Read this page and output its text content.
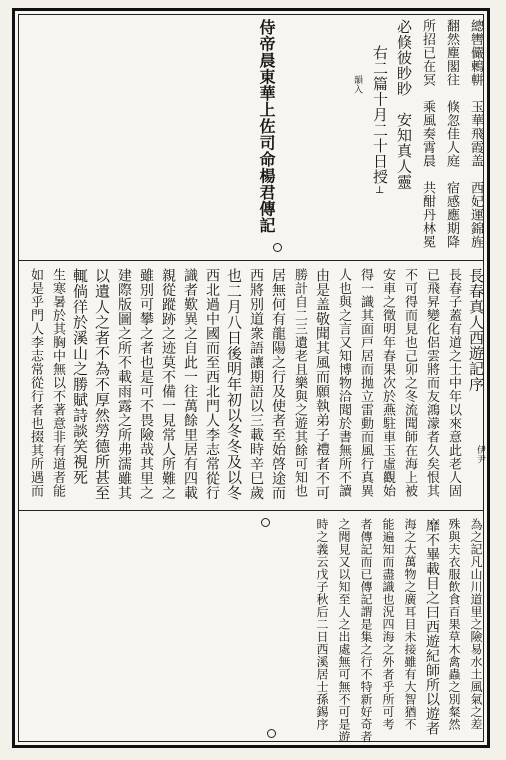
總轡儼鶫軿　玉華飛霞盖　西妃運錦旌
翻然塵閣往　倏忽佳人庭　宿感應期降
所招已在冥　乘風奏霄晨　共酣丹林冕
必倏彼眇眇　安知真人靈
右二篇十月二十日授
韻入
⊥
侍帝晨東華上佐司命楊君傳記
長春真人西遊記序
伊尹
長春子蓋有道之士中年以來意此老人固
已飛昇變化侶雲將而友鴻濛者久矣恨其
不可得而見也己卯之冬流聞師在海上被
安車之徵明年春果次於燕駐車玉虛觀始
得一識其面戸居而拋立雷動而風行真異
人也與之言又知博物洽聞於書無所不讀
由是盖敬聞其風而願執弟子禮者不可
勝計自二三遺老且樂與之遊其餘可知也
居無何有龍陽之行及使者至始啓途而
西將別道衆語讓期語以三載時辛巳歲
也二月八日後明年初以冬冬及以冬
西北過中國而至西北門人李志常從行
識者歎異之自此一往萬餘里居有四載
親從蹤跡之迹莫不備一見常人所難之
雖別可攀之者也是可不畏險哉其里之
建際版圖之所不載雨露之所弗濡雖其
以遺人之者不為不厚然勞德所甚至
輒倘徉於溪山之勝賦詩談笑視死
生寒暑於其胸中無以不著意非有道者能
如是乎門人李志常從行者也掇其所遇而
為之記凡山川道里之險易水土風氣之差
殊與夫衣服飲食百果草木禽蟲之別粲然
靡不畢載目之曰西遊紀師所以遊者
海之大萬物之廣耳目未接雖有大智猶不
能遍知而盡識也況四海之外者乎所可考
者傳記而已傳記謂是集之行不特新好奇者
之聞見又以知至人之出處無可無不可是遊
時之義云戊子秋后二日西溪居士孫錫序
